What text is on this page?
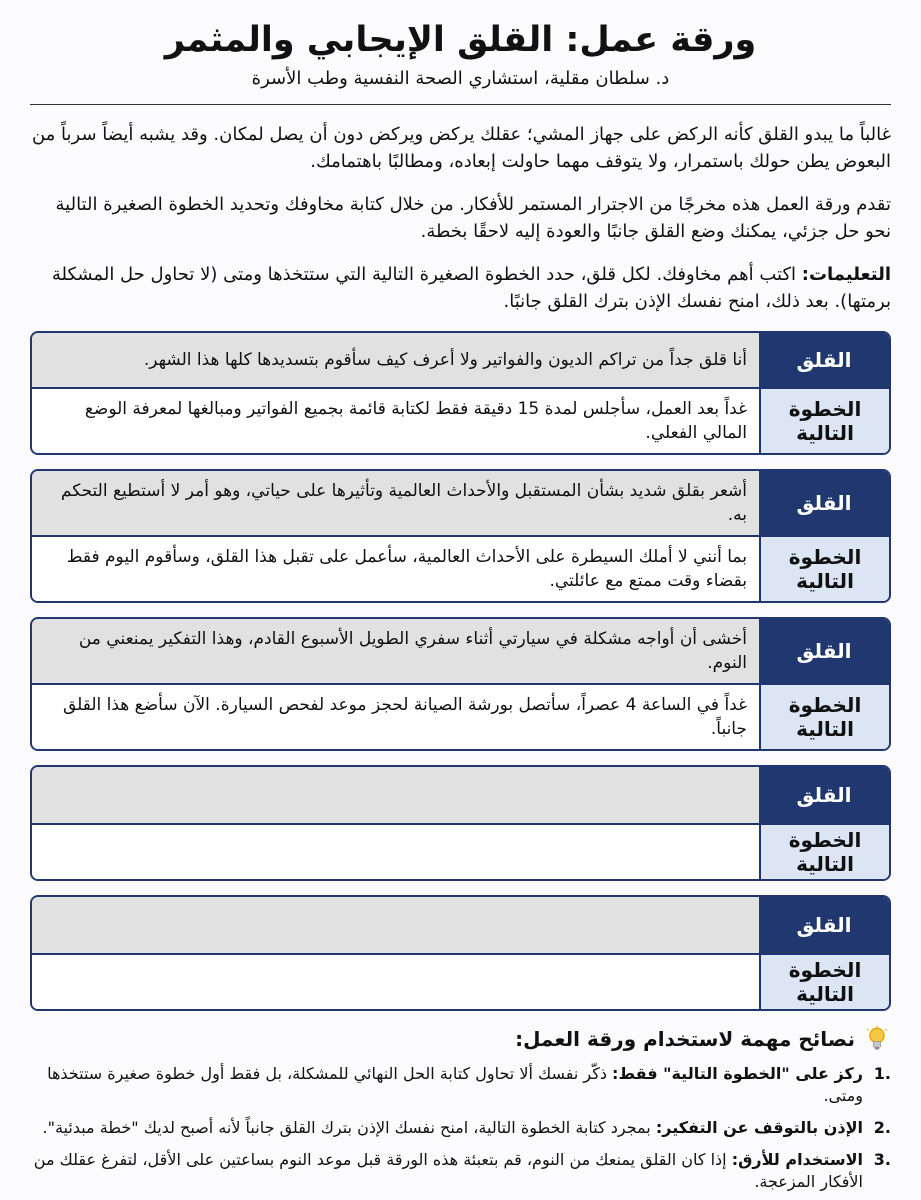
ورقة عمل: القلق الإيجابي والمثمر
د. سلطان مقلية، استشاري الصحة النفسية وطب الأسرة

غالباً ما يبدو القلق كأنه الركض على جهاز المشي؛ عقلك يركض ويركض دون أن يصل لمكان. وقد يشبه أيضاً سرباً من البعوض يطن حولك باستمرار، ولا يتوقف مهما حاولت إبعاده، ومطالبًا باهتمامك.

تقدم ورقة العمل هذه مخرجًا من الاجترار المستمر للأفكار. من خلال كتابة مخاوفك وتحديد الخطوة الصغيرة التالية نحو حل جزئي، يمكنك وضع القلق جانبًا والعودة إليه لاحقًا بخطة.

التعليمات: اكتب أهم مخاوفك. لكل قلق، حدد الخطوة الصغيرة التالية التي ستتخذها ومتى (لا تحاول حل المشكلة برمتها). بعد ذلك، امنح نفسك الإذن بترك القلق جانبًا.

القلق
أنا قلق جداً من تراكم الديون والفواتير ولا أعرف كيف سأقوم بتسديدها كلها هذا الشهر.
الخطوة التالية
غداً بعد العمل، سأجلس لمدة 15 دقيقة فقط لكتابة قائمة بجميع الفواتير ومبالغها لمعرفة الوضع المالي الفعلي.
القلق
أشعر بقلق شديد بشأن المستقبل والأحداث العالمية وتأثيرها على حياتي، وهو أمر لا أستطيع التحكم به.
الخطوة التالية
بما أنني لا أملك السيطرة على الأحداث العالمية، سأعمل على تقبل هذا القلق، وسأقوم اليوم فقط بقضاء وقت ممتع مع عائلتي.
القلق
أخشى أن أواجه مشكلة في سيارتي أثناء سفري الطويل الأسبوع القادم، وهذا التفكير يمنعني من النوم.
الخطوة التالية
غداً في الساعة 4 عصراً، سأتصل بورشة الصيانة لحجز موعد لفحص السيارة. الآن سأضع هذا القلق جانباً.
القلق
الخطوة التالية
القلق
الخطوة التالية
نصائح مهمة لاستخدام ورقة العمل:
.1
ركز على "الخطوة التالية" فقط: ذكّر نفسك ألا تحاول كتابة الحل النهائي للمشكلة، بل فقط أول خطوة صغيرة ستتخذها ومتى.
.2
الإذن بالتوقف عن التفكير: بمجرد كتابة الخطوة التالية، امنح نفسك الإذن بترك القلق جانباً لأنه أصبح لديك "خطة مبدئية".
.3
الاستخدام للأرق: إذا كان القلق يمنعك من النوم، قم بتعبئة هذه الورقة قبل موعد النوم بساعتين على الأقل، لتفرغ عقلك من الأفكار المزعجة.
